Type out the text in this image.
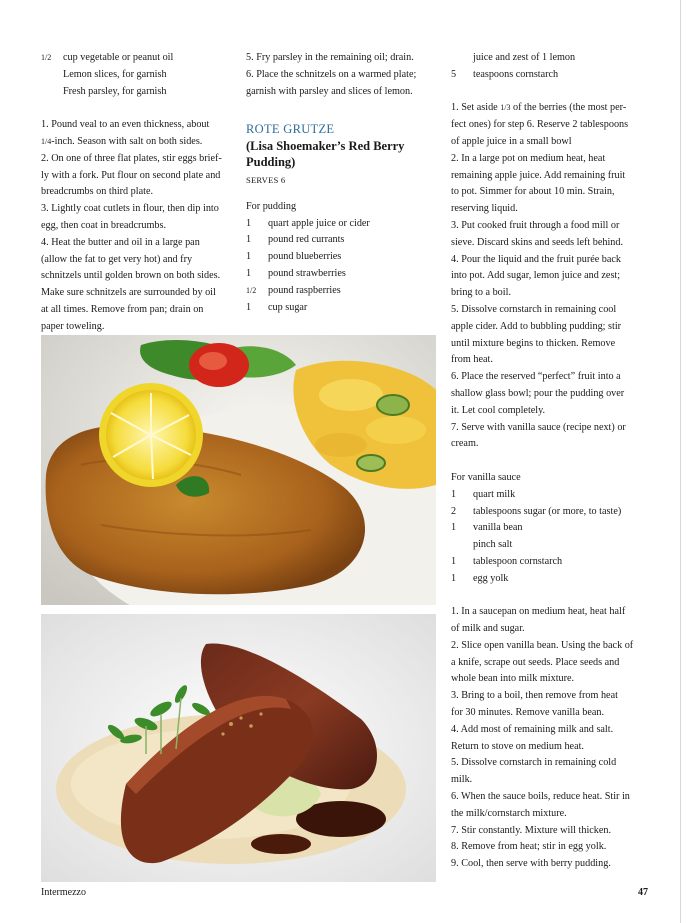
$^{1/2}$	cup vegetable or peanut oil
Lemon slices, for garnish
Fresh parsley, for garnish

1. Pound veal to an even thickness, about

$^{1/4}$-inch. Season with salt on both sides.

2. On one of three flat plates, stir eggs brief-

ly with a fork. Put flour on second plate and

breadcrumbs on third plate.

3. Lightly coat cutlets in flour, then dip into

egg, then coat in breadcrumbs.

4. Heat the butter and oil in a large pan

(allow the fat to get very hot) and fry

schnitzels until golden brown on both sides.

Make sure schnitzels are surrounded by oil

at all times. Remove from pan; drain on

paper toweling.

5. Fry parsley in the remaining oil; drain.

6. Place the schnitzels on a warmed plate;

garnish with parsley and slices of lemon.

ROTE GRUTZE
(Lisa Shoemaker’s Red Berry
Pudding)
SERVES 6

For pudding

1	quart apple juice or cider
1	pound red currants
1	pound blueberries
1	pound strawberries
$^{1/2}$	pound raspberries
1	cup sugar
juice and zest of 1 lemon
5	teaspoons cornstarch

1. Set aside $^{1/3}$ of the berries (the most per-

fect ones) for step 6. Reserve 2 tablespoons

of apple juice in a small bowl

2. In a large pot on medium heat, heat

remaining apple juice. Add remaining fruit

to pot. Simmer for about 10 min. Strain,

reserving liquid.

3. Put cooked fruit through a food mill or

sieve. Discard skins and seeds left behind.

4. Pour the liquid and the fruit purée back

into pot. Add sugar, lemon juice and zest;

bring to a boil.

5. Dissolve cornstarch in remaining cool

apple cider. Add to bubbling pudding; stir

until mixture begins to thicken. Remove

from heat.

6. Place the reserved “perfect” fruit into a

shallow glass bowl; pour the pudding over

it. Let cool completely.

7. Serve with vanilla sauce (recipe next) or

cream.

For vanilla sauce

1	quart milk
2	tablespoons sugar (or more, to taste)
1	vanilla bean
pinch salt
1	tablespoon cornstarch
1	egg yolk

1. In a saucepan on medium heat, heat half

of milk and sugar.

2. Slice open vanilla bean. Using the back of

a knife, scrape out seeds. Place seeds and

whole bean into milk mixture.

3. Bring to a boil, then remove from heat

for 30 minutes. Remove vanilla bean.

4. Add most of remaining milk and salt.

Return to stove on medium heat.

5. Dissolve cornstarch in remaining cold

milk.

6. When the sauce boils, reduce heat. Stir in

the milk/cornstarch mixture.

7. Stir constantly. Mixture will thicken.

8. Remove from heat; stir in egg yolk.

9. Cool, then serve with berry pudding.

Intermezzo	47
